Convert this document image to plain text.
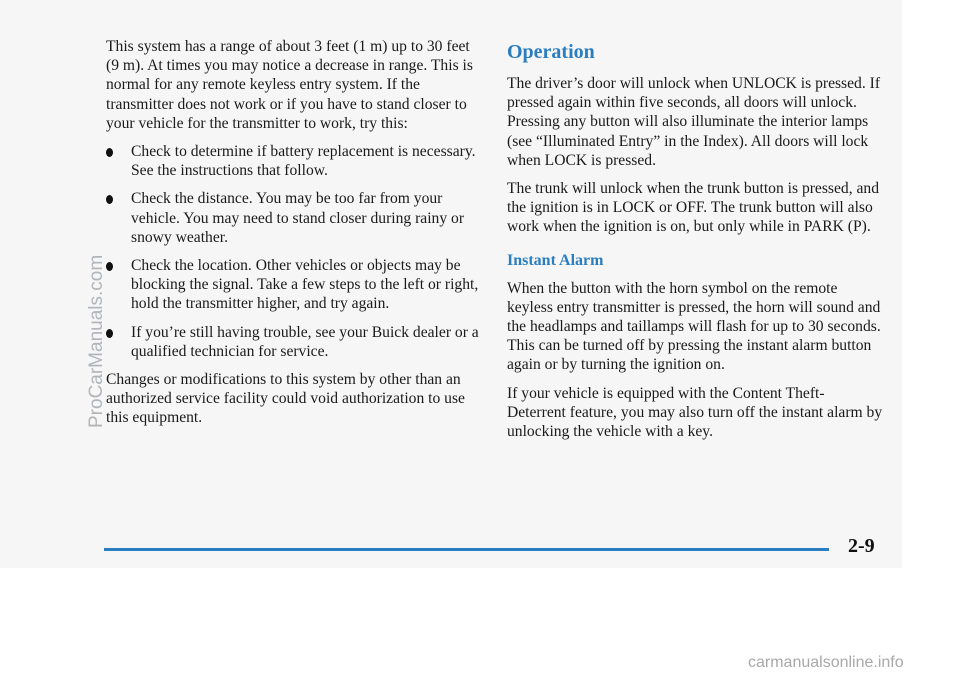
This system has a range of about 3 feet (1 m) up to 30 feet (9 m). At times you may notice a decrease in range. This is normal for any remote keyless entry system. If the transmitter does not work or if you have to stand closer to your vehicle for the transmitter to work, try this:

Check to determine if battery replacement is necessary. See the instructions that follow.
Check the distance. You may be too far from your vehicle. You may need to stand closer during rainy or snowy weather.
Check the location. Other vehicles or objects may be blocking the signal. Take a few steps to the left or right, hold the transmitter higher, and try again.
If you’re still having trouble, see your Buick dealer or a qualified technician for service.

Changes or modifications to this system by other than an authorized service facility could void authorization to use this equipment.

Operation

The driver’s door will unlock when UNLOCK is pressed. If pressed again within five seconds, all doors will unlock. Pressing any button will also illuminate the interior lamps (see “Illuminated Entry” in the Index). All doors will lock when LOCK is pressed.

The trunk will unlock when the trunk button is pressed, and the ignition is in LOCK or OFF. The trunk button will also work when the ignition is on, but only while in PARK (P).

Instant Alarm

When the button with the horn symbol on the remote keyless entry transmitter is pressed, the horn will sound and the headlamps and taillamps will flash for up to 30 seconds. This can be turned off by pressing the instant alarm button again or by turning the ignition on.

If your vehicle is equipped with the Content Theft-Deterrent feature, you may also turn off the instant alarm by unlocking the vehicle with a key.

2-9
ProCarManuals.com
carmanualsonline.info
